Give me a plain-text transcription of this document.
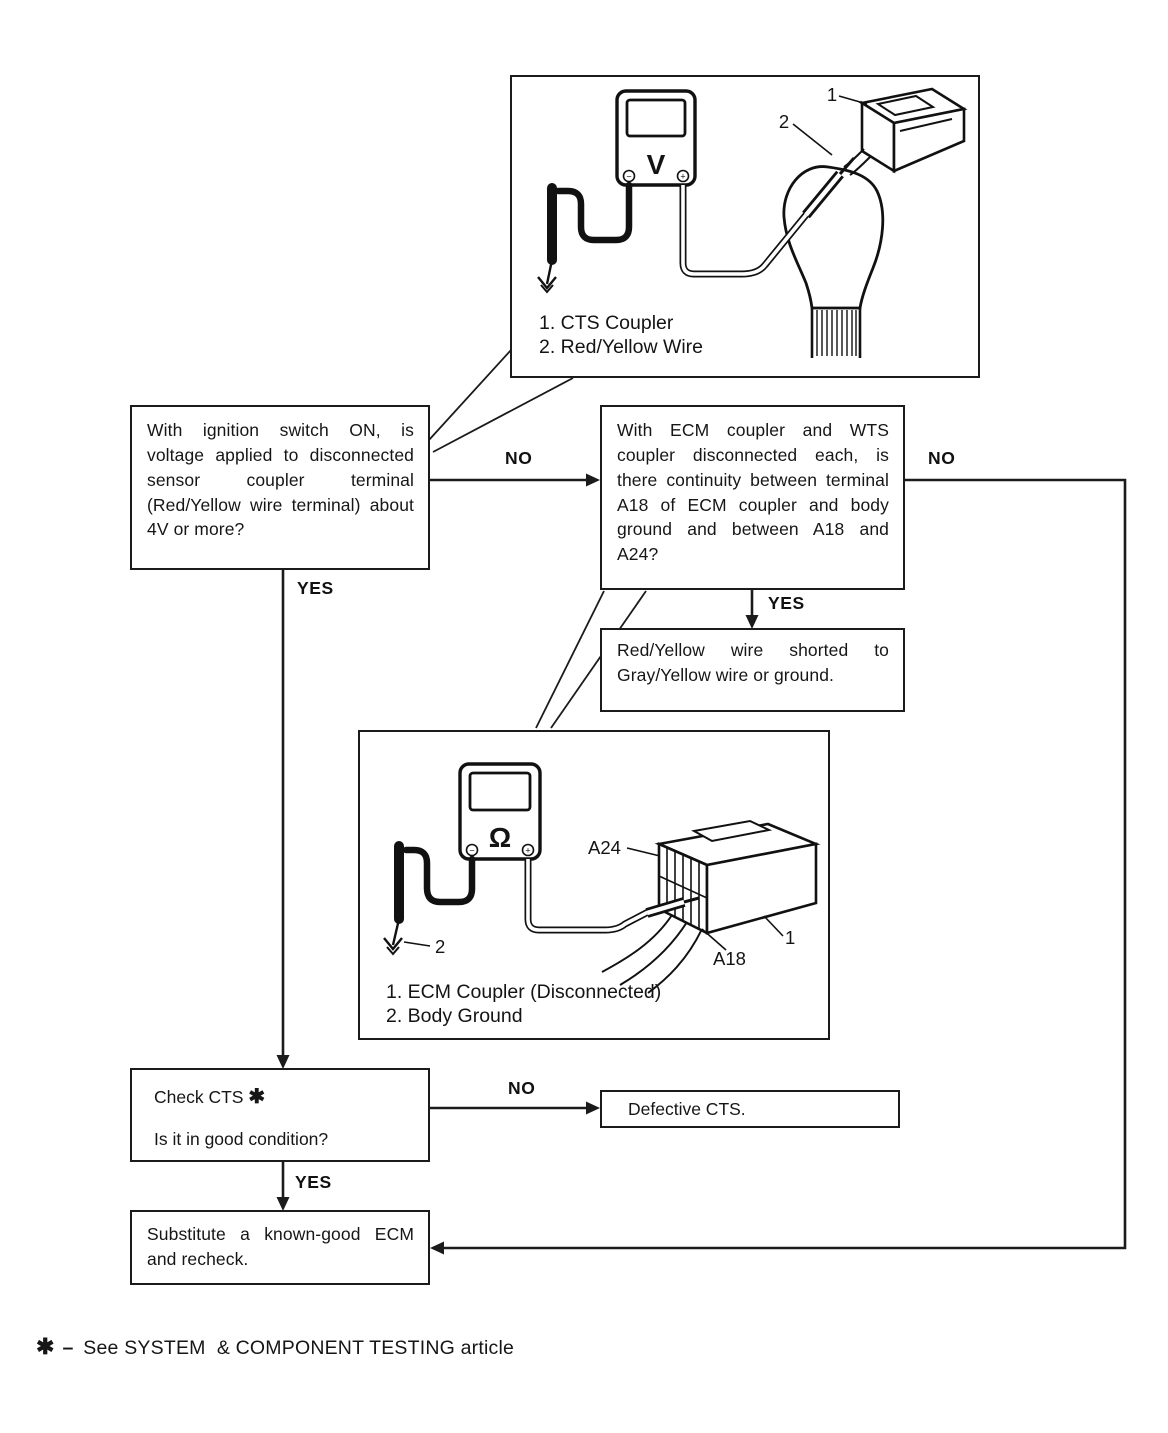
V
−	+
1
2
1. CTS Coupler
2. Red/Yellow Wire
With ignition switch ON, is voltage applied to disconnected sensor coupler terminal (Red/Yellow wire terminal) about 4V or more?
With ECM coupler and WTS coupler disconnected each, is there continuity between terminal A18 of ECM coupler and body ground and between A18 and A24?
Red/Yellow wire shorted to Gray/Yellow wire or ground.
Ω
−	+	A24
A18
1
2
1. ECM Coupler (Disconnected)
2. Body Ground
Check CTS ✱
Is it in good condition?
Defective CTS.
Substitute a known-good ECM and recheck.
NO	NO
YES
YES
NO
YES
✱ – See SYSTEM  & COMPONENT TESTING article
